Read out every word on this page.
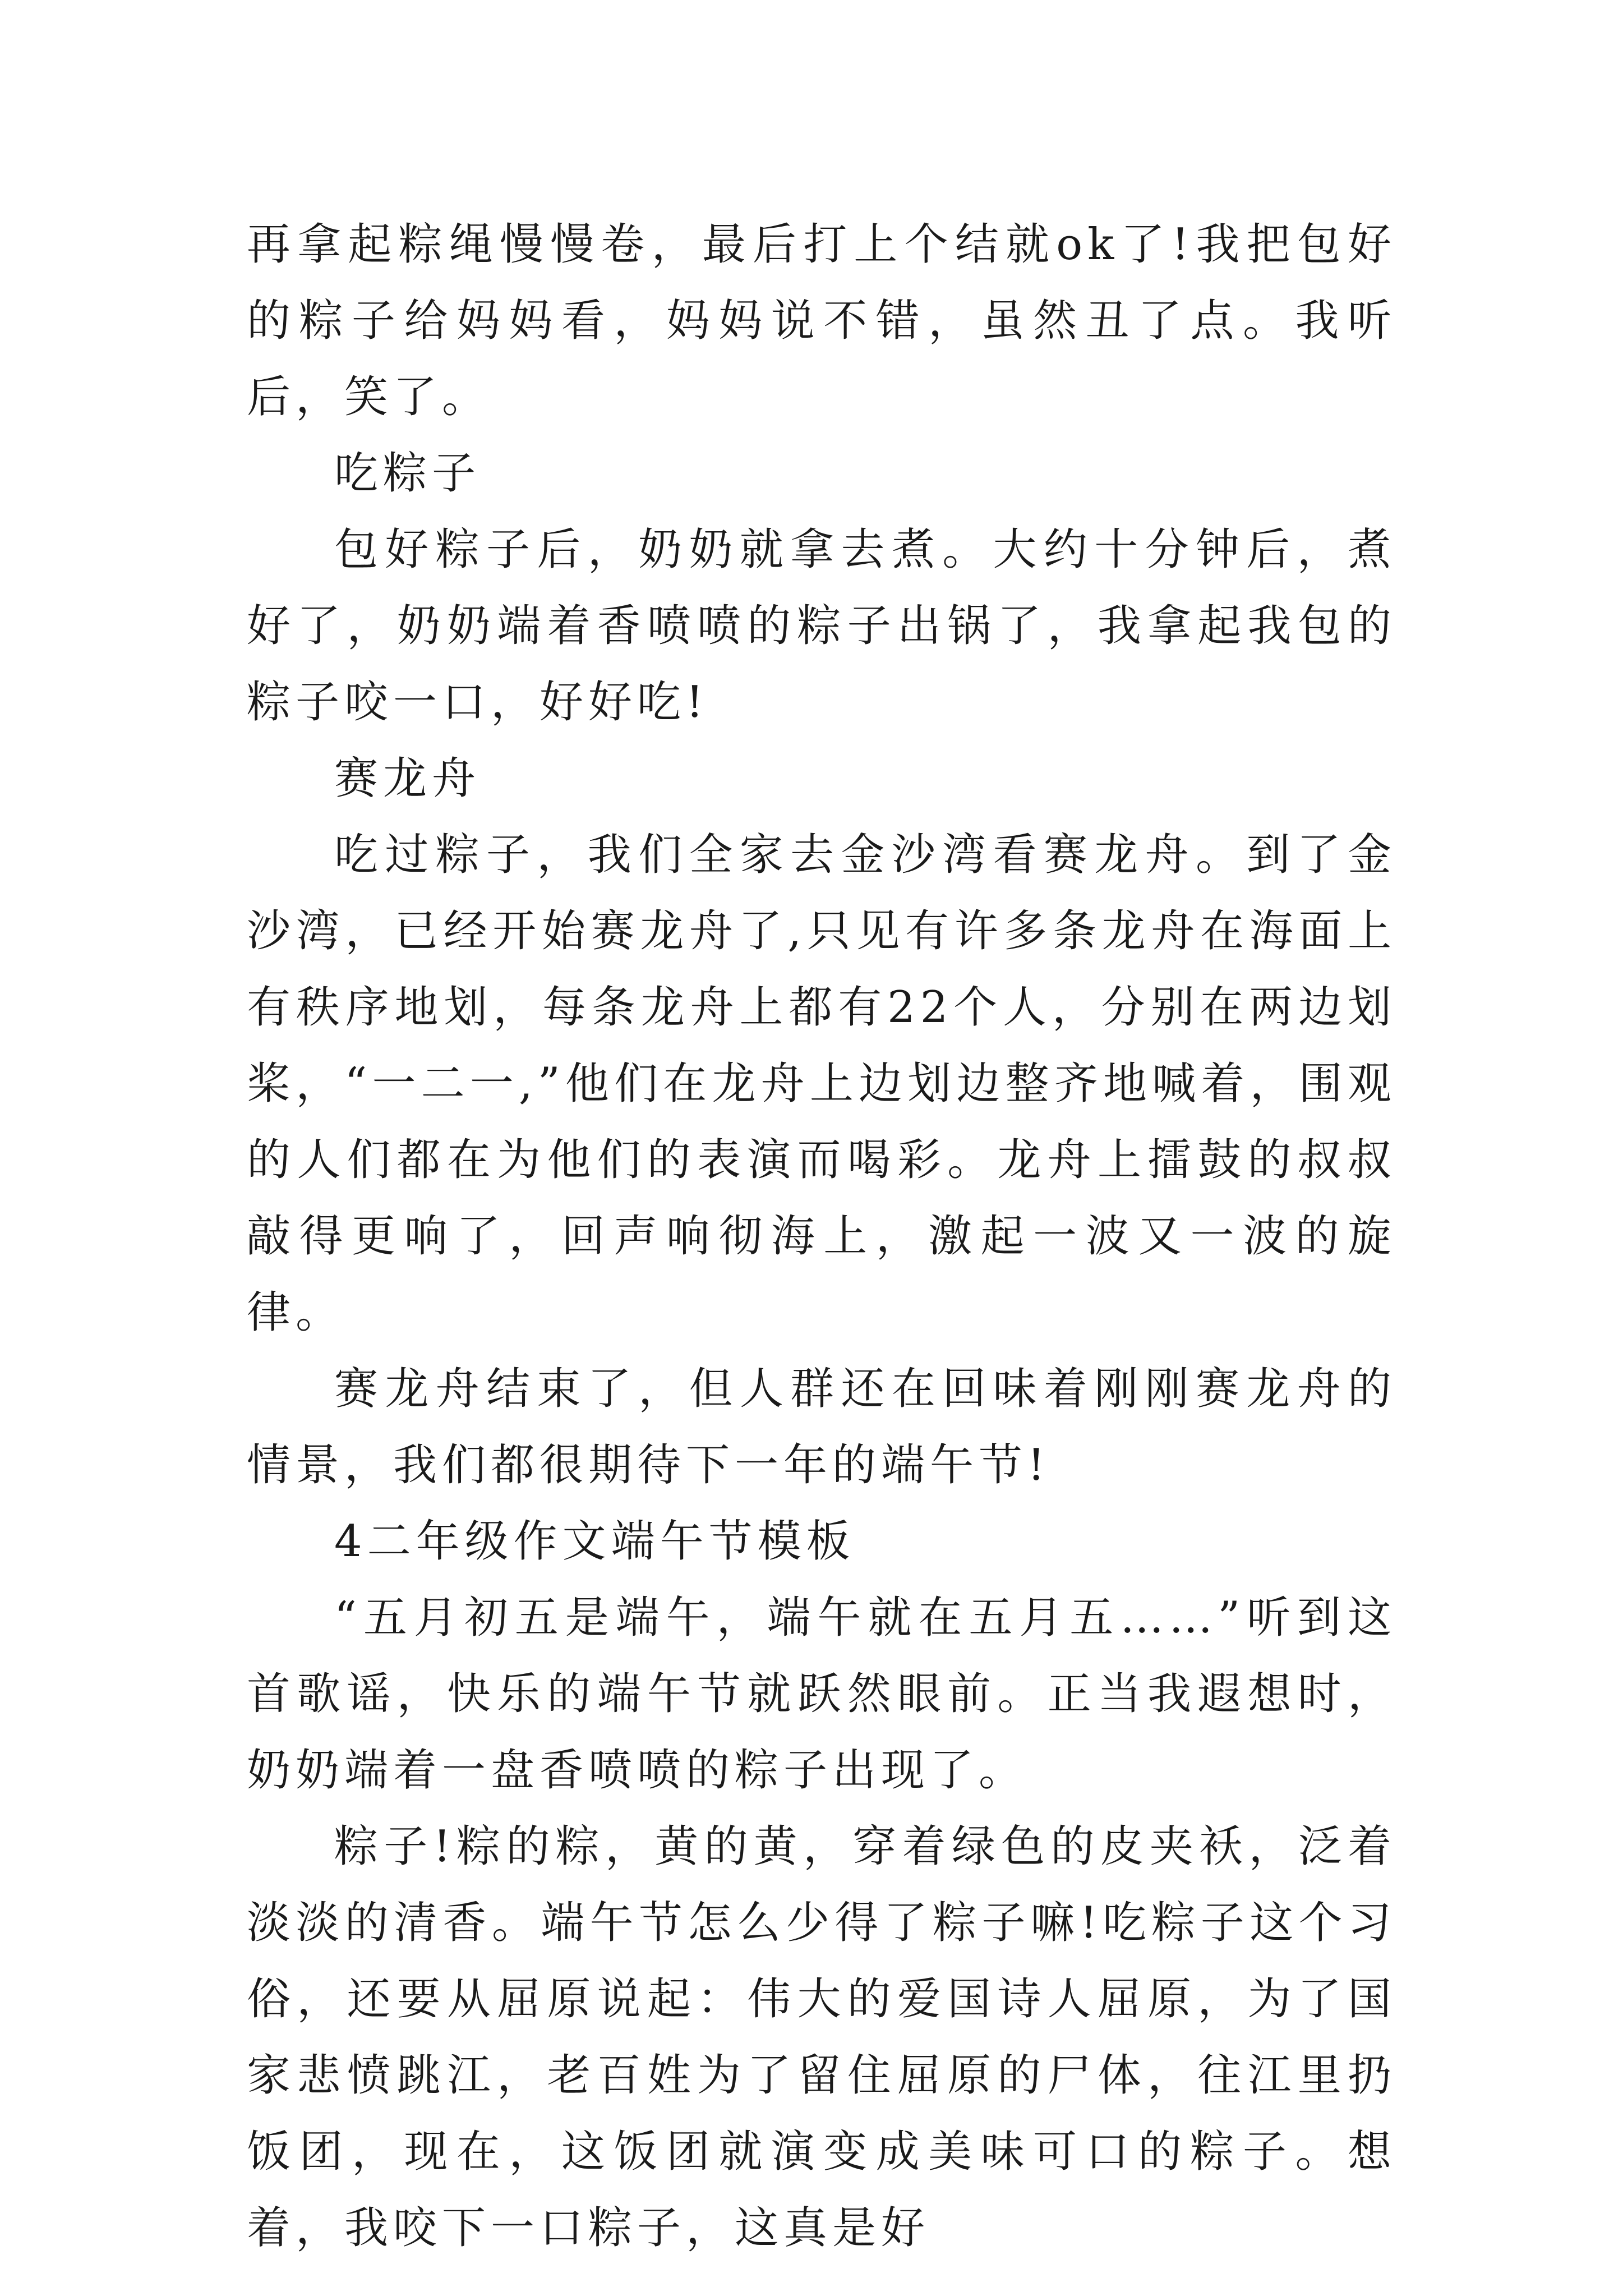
再拿起粽绳慢慢卷，最后打上个结就ok了!我把包好的粽子给妈妈看，妈妈说不错，虽然丑了点。我听后，笑了。

吃粽子

包好粽子后，奶奶就拿去煮。大约十分钟后，煮好了，奶奶端着香喷喷的粽子出锅了，我拿起我包的粽子咬一口，好好吃!

赛龙舟

吃过粽子，我们全家去金沙湾看赛龙舟。到了金沙湾，已经开始赛龙舟了,只见有许多条龙舟在海面上有秩序地划，每条龙舟上都有22个人，分别在两边划桨，“一二一,”他们在龙舟上边划边整齐地喊着，围观的人们都在为他们的表演而喝彩。龙舟上擂鼓的叔叔敲得更响了，回声响彻海上，激起一波又一波的旋律。

赛龙舟结束了，但人群还在回味着刚刚赛龙舟的情景，我们都很期待下一年的端午节!

4二年级作文端午节模板

“五月初五是端午，端午就在五月五……”听到这首歌谣，快乐的端午节就跃然眼前。正当我遐想时，奶奶端着一盘香喷喷的粽子出现了。

粽子!粽的粽，黄的黄，穿着绿色的皮夹袄，泛着淡淡的清香。端午节怎么少得了粽子嘛!吃粽子这个习俗，还要从屈原说起：伟大的爱国诗人屈原，为了国家悲愤跳江，老百姓为了留住屈原的尸体，往江里扔饭团，现在，这饭团就演变成美味可口的粽子。想着，我咬下一口粽子，这真是好
